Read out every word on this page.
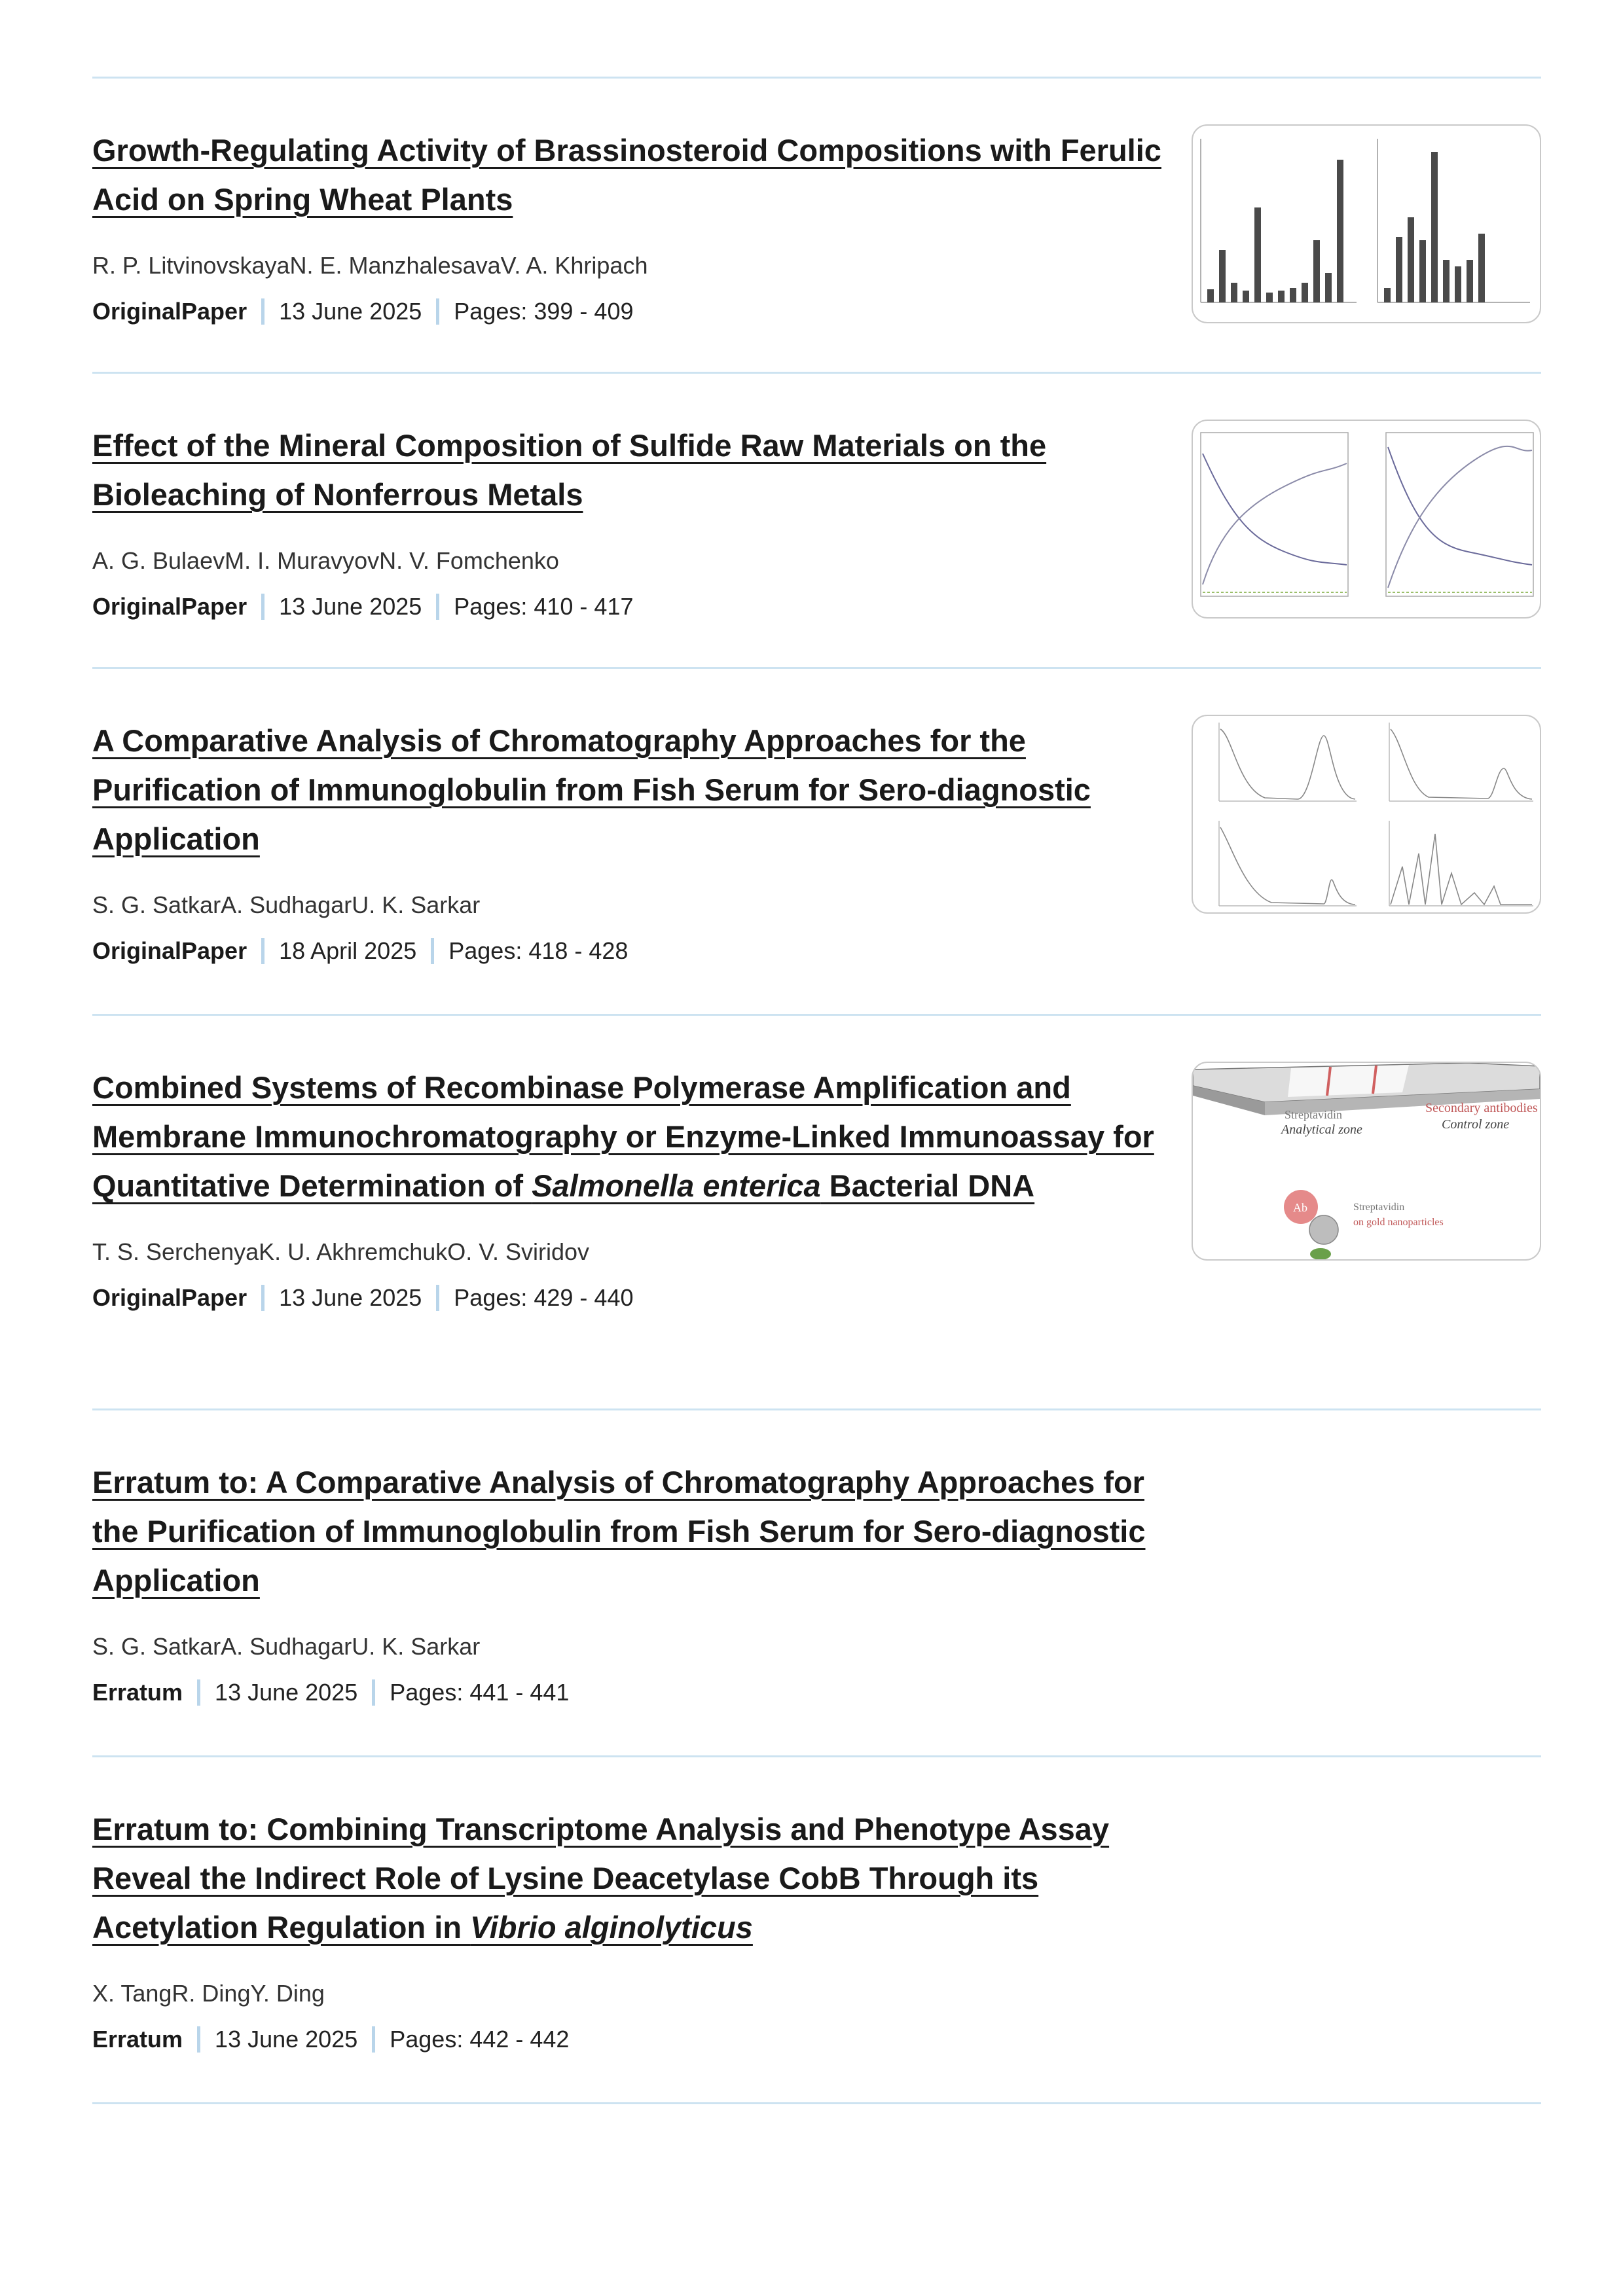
Growth-Regulating Activity of Brassinosteroid Compositions with Ferulic Acid on Spring Wheat Plants
R. P. LitvinovskayaN. E. ManzhalesavaV. A. Khripach
OriginalPaper 13 June 2025 Pages: 399 - 409
Effect of the Mineral Composition of Sulfide Raw Materials on the Bioleaching of Nonferrous Metals
A. G. BulaevM. I. MuravyovN. V. Fomchenko
OriginalPaper 13 June 2025 Pages: 410 - 417
A Comparative Analysis of Chromatography Approaches for the Purification of Immunoglobulin from Fish Serum for Sero-diagnostic Application
S. G. SatkarA. SudhagarU. K. Sarkar
OriginalPaper 18 April 2025 Pages: 418 - 428
Combined Systems of Recombinase Polymerase Amplification and Membrane Immunochromatography or Enzyme-Linked Immunoassay for Quantitative Determination of Salmonella enterica Bacterial DNA
T. S. SerchenyaK. U. AkhremchukO. V. Sviridov
OriginalPaper 13 June 2025 Pages: 429 - 440
Secondary antibodies
Control zone
Streptavidin
Analytical zone
Ab	Streptavidin
on gold nanoparticles
Erratum to: A Comparative Analysis of Chromatography Approaches for the Purification of Immunoglobulin from Fish Serum for Sero-diagnostic Application
S. G. SatkarA. SudhagarU. K. Sarkar
Erratum 13 June 2025 Pages: 441 - 441
Erratum to: Combining Transcriptome Analysis and Phenotype Assay Reveal the Indirect Role of Lysine Deacetylase CobB Through its Acetylation Regulation in Vibrio alginolyticus
X. TangR. DingY. Ding
Erratum 13 June 2025 Pages: 442 - 442
